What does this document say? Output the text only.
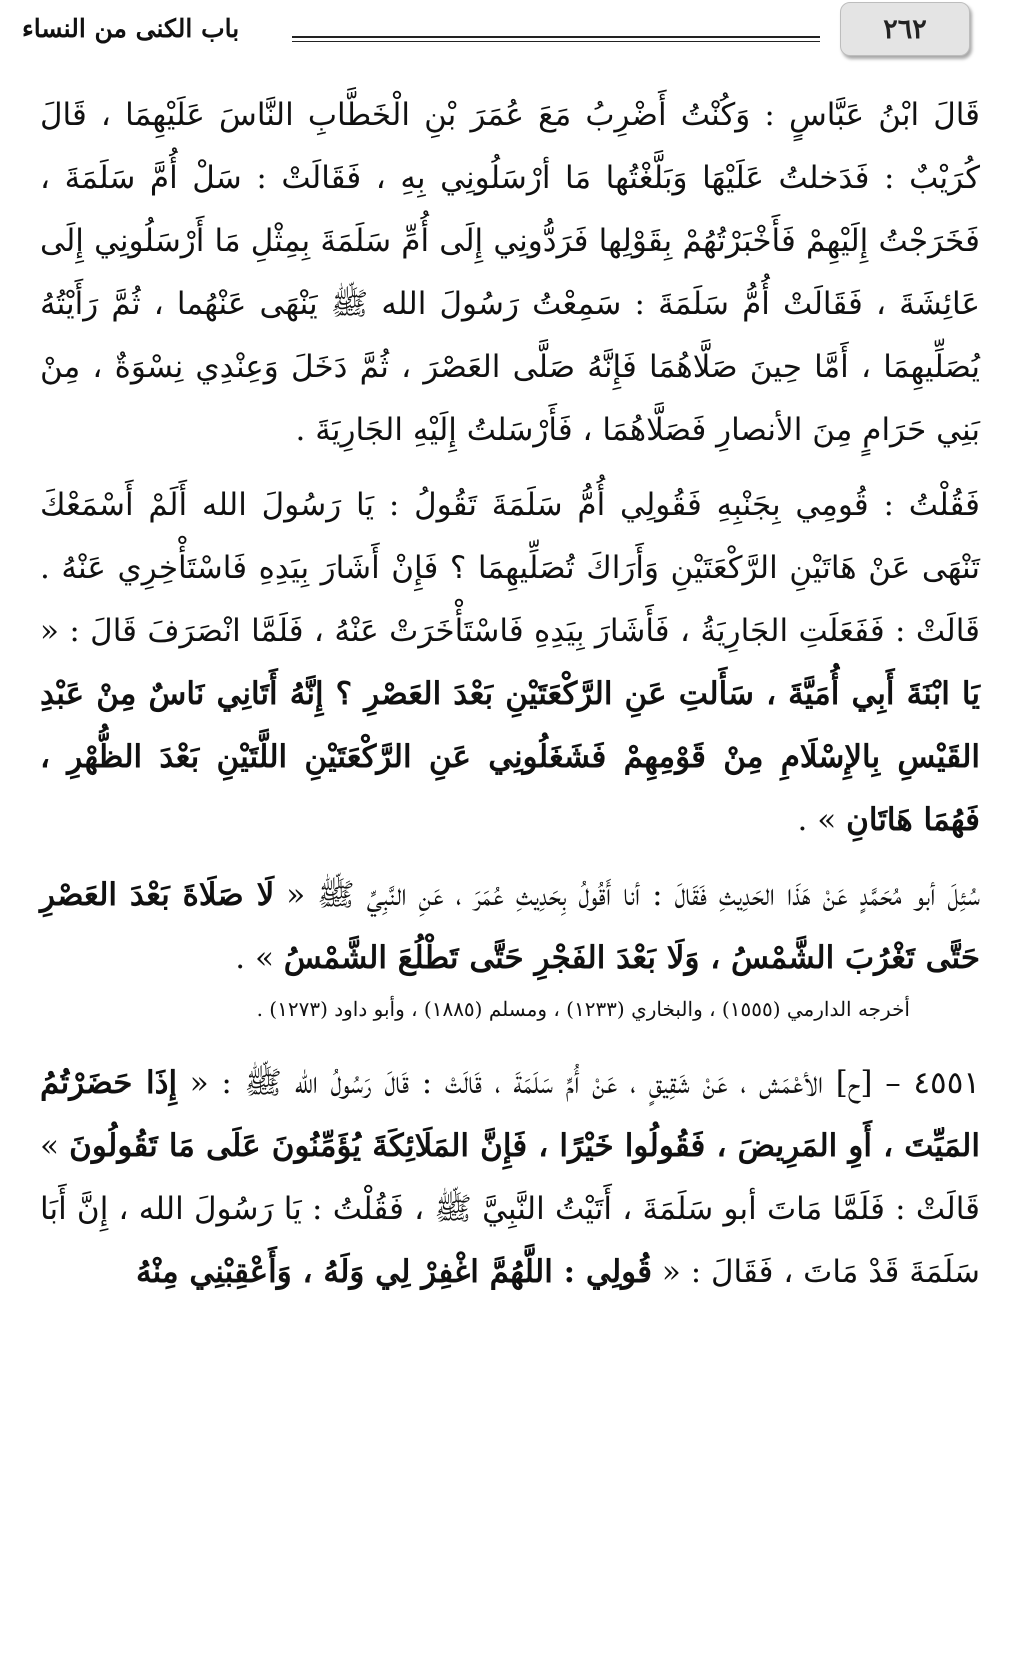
٢٦٢
باب الكنى من النساء

قَالَ ابْنُ عَبَّاسٍ : وَكُنْتُ أَضْرِبُ مَعَ عُمَرَ بْنِ الْخَطَّابِ النَّاسَ عَلَيْهِمَا ، قَالَ كُرَيْبٌ : فَدَخلتُ عَلَيْهَا وَبَلَّغْتُها مَا أرْسَلُونِي بِهِ ، فَقَالَتْ : سَلْ أُمَّ سَلَمَةَ ، فَخَرَجْتُ إِلَيْهِمْ فَأَخْبَرْتُهُمْ بِقَوْلِها فَرَدُّونِي إِلَى أُمِّ سَلَمَةَ بِمِثْلِ مَا أَرْسَلُونِي إِلَى عَائِشَةَ ، فَقَالَتْ أُمُّ سَلَمَةَ : سَمِعْتُ رَسُولَ الله ﷺ يَنْهَى عَنْهُما ، ثُمَّ رَأَيْتُهُ يُصَلِّيهِمَا ، أَمَّا حِينَ صَلَّاهُمَا فَإِنَّهُ صَلَّى العَصْرَ ، ثُمَّ دَخَلَ وَعِنْدِي نِسْوَةٌ ، مِنْ بَنِي حَرَامٍ مِنَ الأنصارِ فَصَلَّاهُمَا ، فَأَرْسَلتُ إِلَيْهِ الجَارِيَةَ .

فَقُلْتُ : قُومِي بِجَنْبِهِ فَقُولِي أُمُّ سَلَمَةَ تَقُولُ : يَا رَسُولَ الله أَلَمْ أَسْمَعْكَ تَنْهَى عَنْ هَاتَيْنِ الرَّكْعَتَيْنِ وَأَرَاكَ تُصَلِّيهِمَا ؟ فَإِنْ أَشَارَ بِيَدِهِ فَاسْتَأْخِرِي عَنْهُ . قَالَتْ : فَفَعَلَتِ الجَارِيَةُ ، فَأَشَارَ بِيَدِهِ فَاسْتَأْخَرَتْ عَنْهُ ، فَلَمَّا انْصَرَفَ قَالَ : « يَا ابْنَةَ أَبِي أُمَيَّةَ ، سَأَلتِ عَنِ الرَّكْعَتَيْنِ بَعْدَ العَصْرِ ؟ إِنَّهُ أَتَانِي نَاسٌ مِنْ عَبْدِ القَيْسِ بِالإِسْلَامِ مِنْ قَوْمِهِمْ فَشَغَلُونِي عَنِ الرَّكْعَتَيْنِ اللَّتَيْنِ بَعْدَ الظُّهْرِ ، فَهُمَا هَاتَانِ » .

سُئِلَ أبو مُحَمَّدٍ عَنْ هَذَا الحَدِيثِ فَقَالَ : أنا أَقُولُ بِحَدِيثِ عُمَرَ ، عَنِ النَّبِيِّ ﷺ « لَا صَلَاةَ بَعْدَ العَصْرِ حَتَّى تَغْرُبَ الشَّمْسُ ، وَلَا بَعْدَ الفَجْرِ حَتَّى تَطْلُعَ الشَّمْسُ » .

أخرجه الدارمي (١٥٥٥) ، والبخاري (١٢٣٣) ، ومسلم (١٨٨٥) ، وأبو داود (١٢٧٣) .

٤٥٥١ – [ح] الأعْمَش ، عَنْ شَقِيقٍ ، عَنْ أُمِّ سَلَمَةَ ، قَالَتْ : قَالَ رَسُولُ الله ﷺ : « إِذَا حَضَرْتُمُ المَيِّتَ ، أَوِ المَرِيضَ ، فَقُولُوا خَيْرًا ، فَإِنَّ المَلَائِكَةَ يُؤَمِّنُونَ عَلَى مَا تَقُولُونَ » قَالَتْ : فَلَمَّا مَاتَ أبو سَلَمَةَ ، أَتَيْتُ النَّبِيَّ ﷺ ، فَقُلْتُ : يَا رَسُولَ الله ، إِنَّ أَبَا سَلَمَةَ قَدْ مَاتَ ، فَقَالَ : « قُولِي : اللَّهُمَّ اغْفِرْ لِي وَلَهُ ، وَأَعْقِبْنِي مِنْهُ
